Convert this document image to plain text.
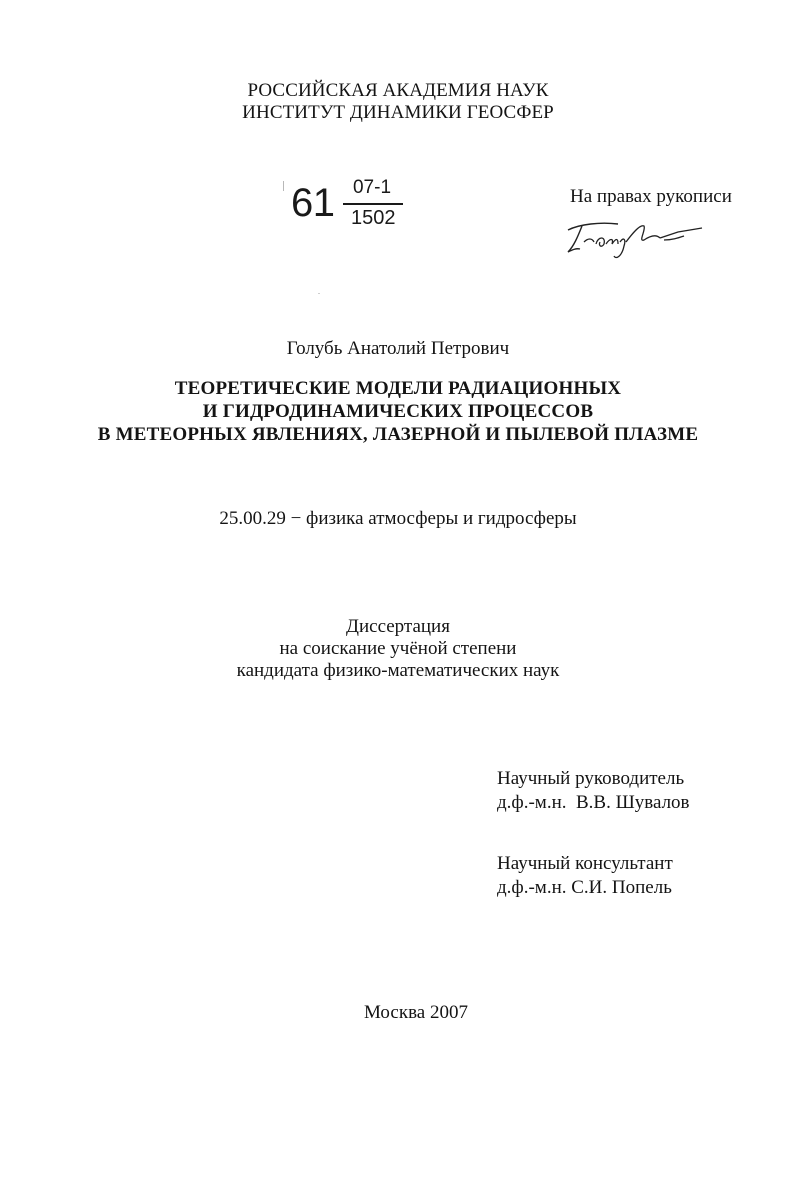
РОССИЙСКАЯ АКАДЕМИЯ НАУК
ИНСТИТУТ ДИНАМИКИ ГЕОСФЕР
61 07-1
1502
На правах рукописи
Голубь Анатолий Петрович
ТЕОРЕТИЧЕСКИЕ МОДЕЛИ РАДИАЦИОННЫХ
И ГИДРОДИНАМИЧЕСКИХ ПРОЦЕССОВ
В МЕТЕОРНЫХ ЯВЛЕНИЯХ, ЛАЗЕРНОЙ И ПЫЛЕВОЙ ПЛАЗМЕ
25.00.29 − физика атмосферы и гидросферы
Диссертация
на соискание учёной степени
кандидата физико-математических наук
Научный руководитель
д.ф.-м.н.  В.В. Шувалов
Научный консультант
д.ф.-м.н. С.И. Попель
Москва 2007
